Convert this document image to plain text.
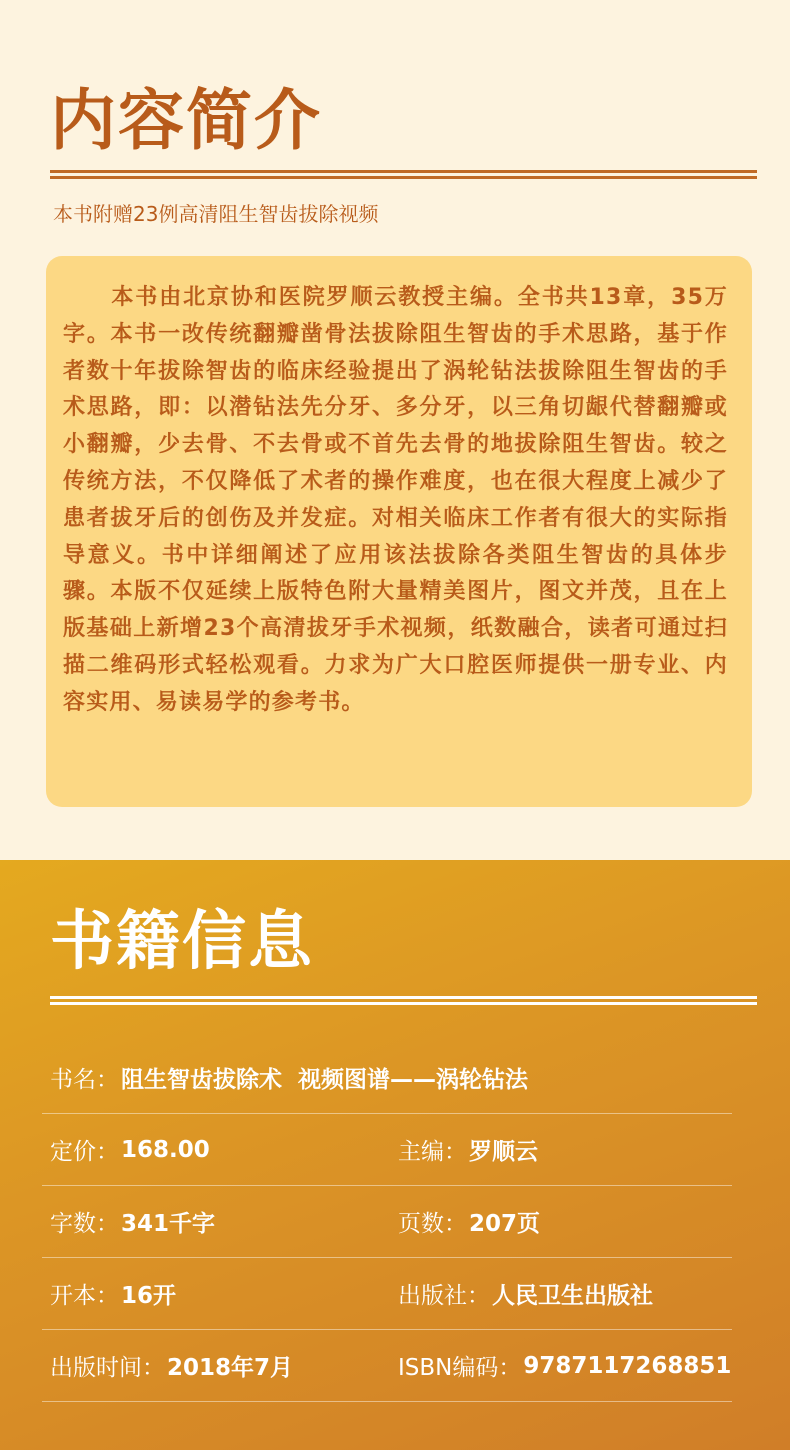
内容简介
本书附赠23例高清阻生智齿拔除视频

本书由北京协和医院罗顺云教授主编。全书共13章，35万字。本书一改传统翻瓣凿骨法拔除阻生智齿的手术思路，基于作者数十年拔除智齿的临床经验提出了涡轮钻法拔除阻生智齿的手术思路，即：以潜钻法先分牙、多分牙，以三角切龈代替翻瓣或小翻瓣，少去骨、不去骨或不首先去骨的地拔除阻生智齿。较之传统方法，不仅降低了术者的操作难度，也在很大程度上减少了患者拔牙后的创伤及并发症。对相关临床工作者有很大的实际指导意义。书中详细阐述了应用该法拔除各类阻生智齿的具体步骤。本版不仅延续上版特色附大量精美图片，图文并茂，且在上版基础上新增23个高清拔牙手术视频，纸数融合，读者可通过扫描二维码形式轻松观看。力求为广大口腔医师提供一册专业、内容实用、易读易学的参考书。

书籍信息
书名： 阻生智齿拔除术  视频图谱——涡轮钻法
定价： 168.00	主编： 罗顺云
字数： 341千字	页数： 207页
开本： 16开	出版社： 人民卫生出版社
出版时间： 2018年7月	ISBN编码： 9787117268851
